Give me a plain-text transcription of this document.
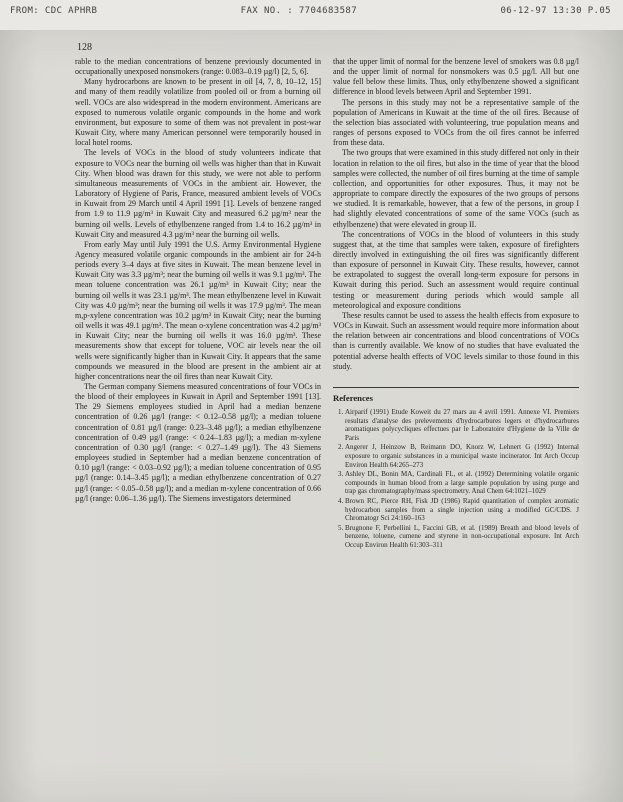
FROM: CDC APHRB	FAX NO. : 7704683587	06-12-97 13:30 P.05
128

rable to the median concentrations of benzene previously documented in occupationally unexposed nonsmokers (range: 0.083–0.19 µg/l) [2, 5, 6].

Many hydrocarbons are known to be present in oil [4, 7, 8, 10–12, 15] and many of them readily volatilize from pooled oil or from a burning oil well. VOCs are also widespread in the modern environment. Americans are exposed to numerous volatile organic compounds in the home and work environment, but exposure to some of them was not prevalent in post-war Kuwait City, where many American personnel were temporarily housed in local hotel rooms.

The levels of VOCs in the blood of study volunteers indicate that exposure to VOCs near the burning oil wells was higher than that in Kuwait City. When blood was drawn for this study, we were not able to perform simultaneous measurements of VOCs in the ambient air. However, the Laboratory of Hygiene of Paris, France, measured ambient levels of VOCs in Kuwait from 29 March until 4 April 1991 [1]. Levels of benzene ranged from 1.9 to 11.9 µg/m³ in Kuwait City and measured 6.2 µg/m³ near the burning oil wells. Levels of ethylbenzene ranged from 1.4 to 16.2 µg/m³ in Kuwait City and measured 4.3 µg/m³ near the burning oil wells.

From early May until July 1991 the U.S. Army Environmental Hygiene Agency measured volatile organic compounds in the ambient air for 24-h periods every 3–4 days at five sites in Kuwait. The mean benzene level in Kuwait City was 3.3 µg/m³; near the burning oil wells it was 9.1 µg/m³. The mean toluene concentration was 26.1 µg/m³ in Kuwait City; near the burning oil wells it was 23.1 µg/m³. The mean ethylbenzene level in Kuwait City was 4.0 µg/m³; near the burning oil wells it was 17.9 µg/m³. The mean m,p-xylene concentration was 10.2 µg/m³ in Kuwait City; near the burning oil wells it was 49.1 µg/m³. The mean o-xylene concentration was 4.2 µg/m³ in Kuwait City; near the burning oil wells it was 16.0 µg/m³. These measurements show that except for toluene, VOC air levels near the oil wells were significantly higher than in Kuwait City. It appears that the same compounds we measured in the blood are present in the ambient air at higher concentrations near the oil fires than near Kuwait City.

The German company Siemens measured concentrations of four VOCs in the blood of their employees in Kuwait in April and September 1991 [13]. The 29 Siemens employees studied in April had a median benzene concentration of 0.26 µg/l (range: < 0.12–0.58 µg/l); a median toluene concentration of 0.81 µg/l (range: 0.23–3.48 µg/l); a median ethylbenzene concentration of 0.49 µg/l (range: < 0.24–1.83 µg/l); a median m-xylene concentration of 0.30 µg/l (range: < 0.27–1.49 µg/l). The 43 Siemens employees studied in September had a median benzene concentration of 0.10 µg/l (range: < 0.03–0.92 µg/l); a median toluene concentration of 0.95 µg/l (range: 0.14–3.45 µg/l); a median ethylbenzene concentration of 0.27 µg/l (range: < 0.05–0.58 µg/l); and a median m-xylene concentration of 0.66 µg/l (range: 0.06–1.36 µg/l). The Siemens investigators determined

that the upper limit of normal for the benzene level of smokers was 0.8 µg/l and the upper limit of normal for nonsmokers was 0.5 µg/l. All but one value fell below these limits. Thus, only ethylbenzene showed a significant difference in blood levels between April and September 1991.

The persons in this study may not be a representative sample of the population of Americans in Kuwait at the time of the oil fires. Because of the selection bias associated with volunteering, true population means and ranges of persons exposed to VOCs from the oil fires cannot be inferred from these data.

The two groups that were examined in this study differed not only in their location in relation to the oil fires, but also in the time of year that the blood samples were collected, the number of oil fires burning at the time of sample collection, and opportunities for other exposures. Thus, it may not be appropriate to compare directly the exposures of the two groups of persons we studied. It is remarkable, however, that a few of the persons, in group I had slightly elevated concentrations of some of the same VOCs (such as ethylbenzene) that were elevated in group II.

The concentrations of VOCs in the blood of volunteers in this study suggest that, at the time that samples were taken, exposure of firefighters directly involved in extinguishing the oil fires was significantly different than exposure of personnel in Kuwait City. These results, however, cannot be extrapolated to suggest the overall long-term exposure for persons in Kuwait during this period. Such an assessment would require continual testing or measurement during periods which would sample all meteorological and exposure conditions

These results cannot be used to assess the health effects from exposure to VOCs in Kuwait. Such an assessment would require more information about the relation between air concentrations and blood concentrations of VOCs than is currently available. We know of no studies that have evaluated the potential adverse health effects of VOC levels similar to those found in this study.

References
1. Airparif (1991) Etude Koweit du 27 mars au 4 avril 1991. Annexe VI. Premiers resultats d'analyse des prelevements d'hydrocarbures legers et d'hydrocarbures aromatiques polycycliques effectues par le Laboratoire d'Hygiene de la Ville de Paris
2. Angerer J, Heinzow B, Reimann DO, Knorz W, Lehnert G (1992) Internal exposure to organic substances in a municipal waste incinerator. Int Arch Occup Environ Health 64:265–273
3. Ashley DL, Bonin MA, Cardinali FL, et al. (1992) Determining volatile organic compounds in human blood from a large sample population by using purge and trap gas chromatography/mass spectrometry. Anal Chem 64:1021–1029
4. Brown RC, Pierce RH, Fisk JD (1986) Rapid quantitation of complex aromatic hydrocarbon samples from a single injection using a modified GC/CDS. J Chromatogr Sci 24:160–163
5. Brugnone F, Perbellini L, Faccini GB, et al. (1989) Breath and blood levels of benzene, toluene, cumene and styrene in non-occupational exposure. Int Arch Occup Environ Health 61:303–311
